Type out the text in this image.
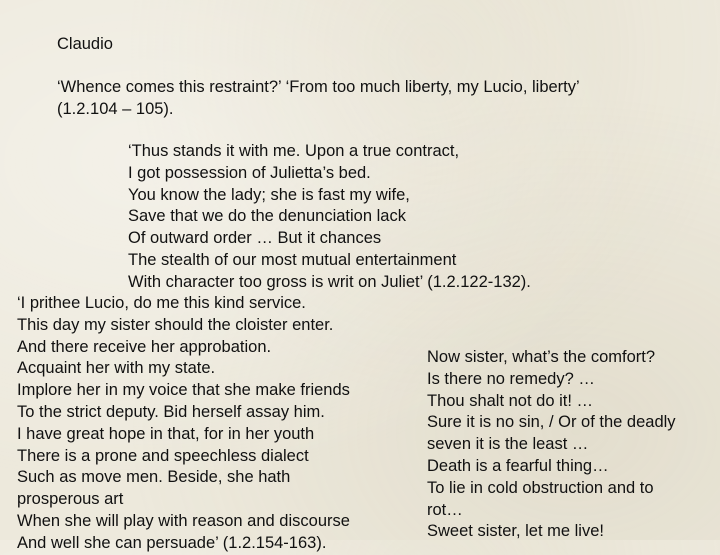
Claudio
‘Whence comes this restraint?’ ‘From too much liberty, my Lucio, liberty’
(1.2.104 – 105).
‘Thus stands it with me. Upon a true contract,
I got possession of Julietta’s bed.
You know the lady; she is fast my wife,
Save that we do the denunciation lack
Of outward order … But it chances
The stealth of our most mutual entertainment
With character too gross is writ on Juliet’ (1.2.122-132).
‘I prithee Lucio, do me this kind service.
This day my sister should the cloister enter.
And there receive her approbation.
Acquaint her with my state.
Implore her in my voice that she make friends
To the strict deputy. Bid herself assay him.
I have great hope in that, for in her youth
There is a prone and speechless dialect
Such as move men. Beside, she hath
prosperous art
When she will play with reason and discourse
And well she can persuade’ (1.2.154-163).
Now sister, what’s the comfort?
Is there no remedy? …
Thou shalt not do it! …
Sure it is no sin, / Or of the deadly
seven it is the least …
Death is a fearful thing…
To lie in cold obstruction and to
rot…
Sweet sister, let me live!
